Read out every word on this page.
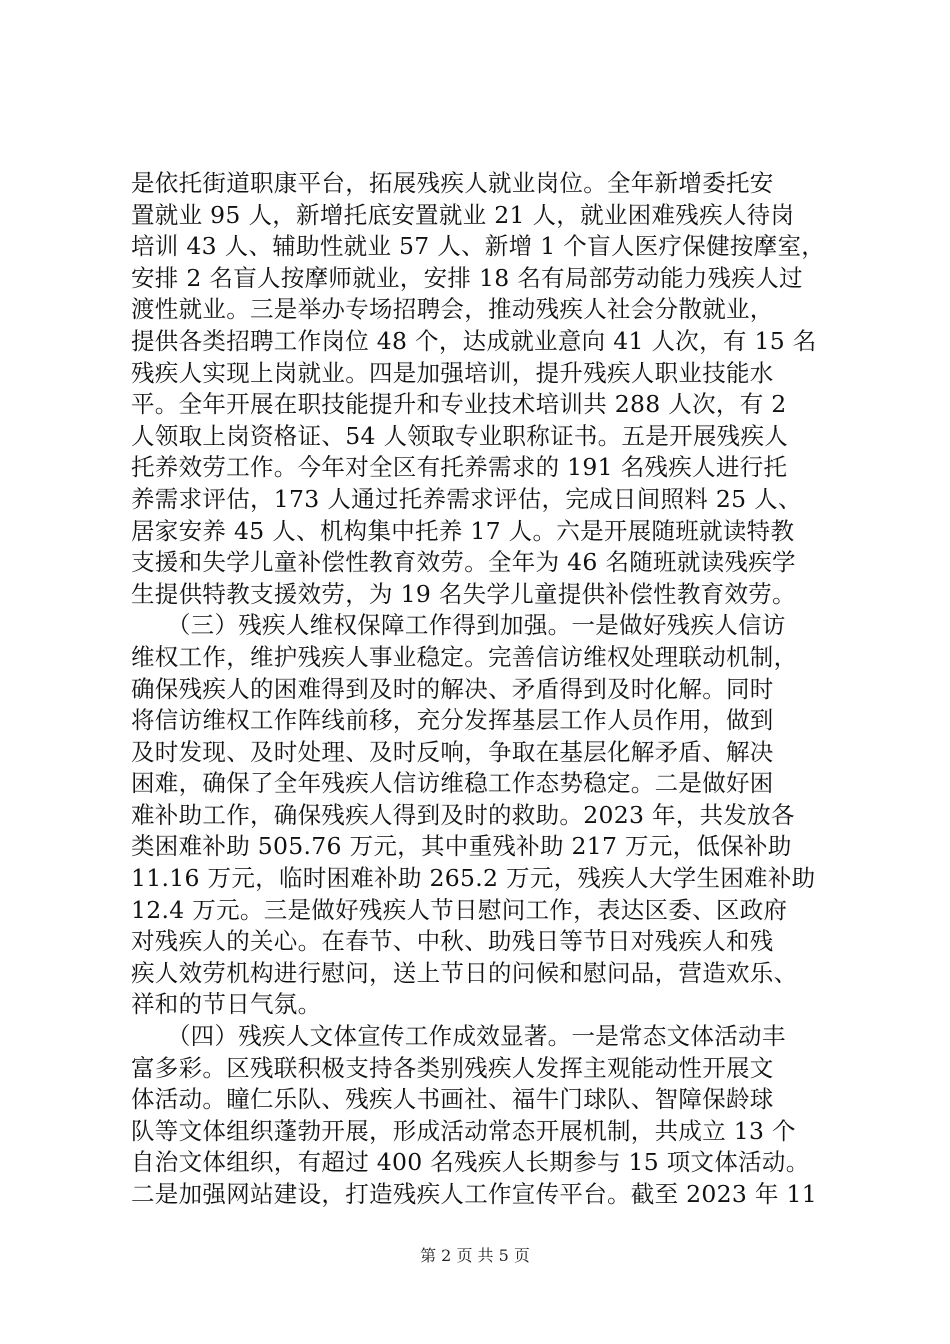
是依托街道职康平台，拓展残疾人就业岗位。全年新增委托安
置就业 95 人，新增托底安置就业 21 人，就业困难残疾人待岗
培训 43 人、辅助性就业 57 人、新增 1 个盲人医疗保健按摩室，
安排 2 名盲人按摩师就业，安排 18 名有局部劳动能力残疾人过
渡性就业。三是举办专场招聘会，推动残疾人社会分散就业，
提供各类招聘工作岗位 48 个，达成就业意向 41 人次，有 15 名
残疾人实现上岗就业。四是加强培训，提升残疾人职业技能水
平。全年开展在职技能提升和专业技术培训共 288 人次，有 2
人领取上岗资格证、54 人领取专业职称证书。五是开展残疾人
托养效劳工作。今年对全区有托养需求的 191 名残疾人进行托
养需求评估，173 人通过托养需求评估，完成日间照料 25 人、
居家安养 45 人、机构集中托养 17 人。六是开展随班就读特教
支援和失学儿童补偿性教育效劳。全年为 46 名随班就读残疾学
生提供特教支援效劳，为 19 名失学儿童提供补偿性教育效劳。
　　（三）残疾人维权保障工作得到加强。一是做好残疾人信访
维权工作，维护残疾人事业稳定。完善信访维权处理联动机制，
确保残疾人的困难得到及时的解决、矛盾得到及时化解。同时
将信访维权工作阵线前移，充分发挥基层工作人员作用，做到
及时发现、及时处理、及时反响，争取在基层化解矛盾、解决
困难，确保了全年残疾人信访维稳工作态势稳定。二是做好困
难补助工作，确保残疾人得到及时的救助。2023 年，共发放各
类困难补助 505.76 万元，其中重残补助 217 万元，低保补助
11.16 万元，临时困难补助 265.2 万元，残疾人大学生困难补助
12.4 万元。三是做好残疾人节日慰问工作，表达区委、区政府
对残疾人的关心。在春节、中秋、助残日等节日对残疾人和残
疾人效劳机构进行慰问，送上节日的问候和慰问品，营造欢乐、
祥和的节日气氛。
　　（四）残疾人文体宣传工作成效显著。一是常态文体活动丰
富多彩。区残联积极支持各类别残疾人发挥主观能动性开展文
体活动。瞳仁乐队、残疾人书画社、福牛门球队、智障保龄球
队等文体组织蓬勃开展，形成活动常态开展机制，共成立 13 个
自治文体组织，有超过 400 名残疾人长期参与 15 项文体活动。
二是加强网站建设，打造残疾人工作宣传平台。截至 2023 年 11
第 2 页 共 5 页
